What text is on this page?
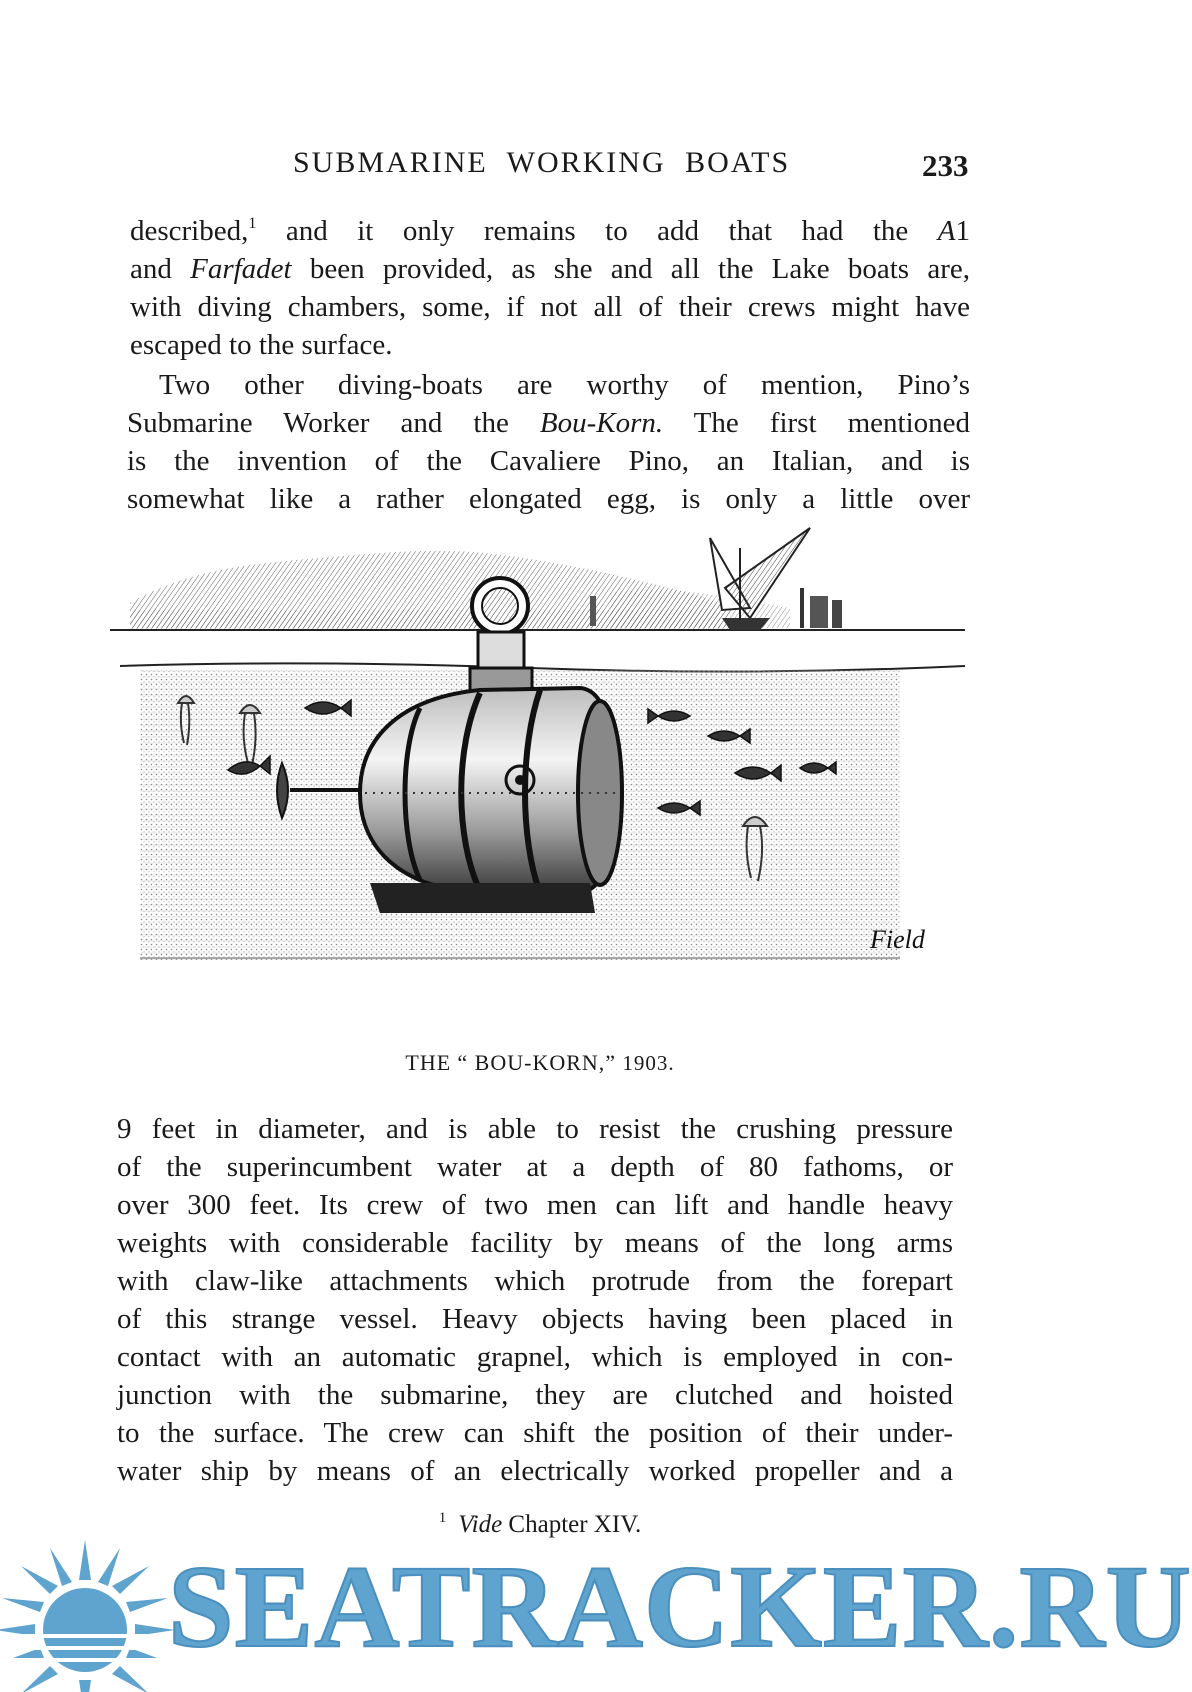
SUBMARINE WORKING BOATS	233
described,$^1$ and it only remains to add that had the A1
and Farfadet been provided, as she and all the Lake boats are,
with diving chambers, some, if not all of their crews might have
escaped to the surface.
Two other diving-boats are worthy of mention, Pino’s
Submarine Worker and the Bou-Korn. The first mentioned
is the invention of the Cavaliere Pino, an Italian, and is
somewhat like a rather elongated egg, is only a little over
Field
THE “ BOU-KORN,” 1903.
9 feet in diameter, and is able to resist the crushing pressure
of the superincumbent water at a depth of 80 fathoms, or
over 300 feet. Its crew of two men can lift and handle heavy
weights with considerable facility by means of the long arms
with claw-like attachments which protrude from the forepart
of this strange vessel. Heavy objects having been placed in
contact with an automatic grapnel, which is employed in con-
junction with the submarine, they are clutched and hoisted
to the surface. The crew can shift the position of their under-
water ship by means of an electrically worked propeller and a
$^1$ Vide Chapter XIV.
SEATRACKER.RU
